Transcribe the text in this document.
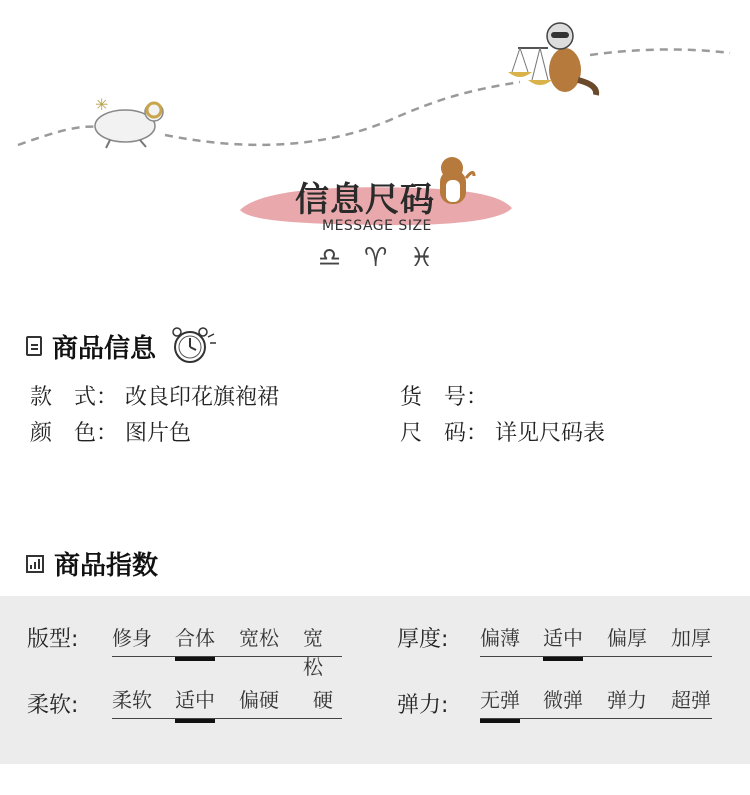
✳
信息尺码
MESSAGE SIZE
♎ ♈ ♓
商品信息
款　式： 改良印花旗袍裙
颜　色： 图片色
货　号：
尺　码： 详见尺码表
商品指数
版型: 修身 合体 宽松 宽松
厚度: 偏薄 适中 偏厚 加厚
柔软: 柔软 适中 偏硬 硬	弹力: 无弹 微弹 弹力 超弹
